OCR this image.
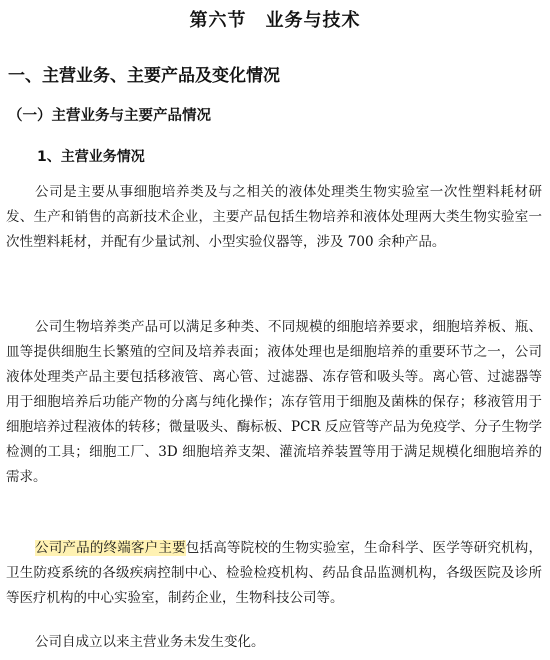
第六节　业务与技术
一、主营业务、主要产品及变化情况
（一）主营业务与主要产品情况
1、主营业务情况

公司是主要从事细胞培养类及与之相关的液体处理类生物实验室一次性塑料耗材研发、生产和销售的高新技术企业，主要产品包括生物培养和液体处理两大类生物实验室一次性塑料耗材，并配有少量试剂、小型实验仪器等，涉及 700 余种产品。

公司生物培养类产品可以满足多种类、不同规模的细胞培养要求，细胞培养板、瓶、皿等提供细胞生长繁殖的空间及培养表面；液体处理也是细胞培养的重要环节之一，公司液体处理类产品主要包括移液管、离心管、过滤器、冻存管和吸头等。离心管、过滤器等用于细胞培养后功能产物的分离与纯化操作；冻存管用于细胞及菌株的保存；移液管用于细胞培养过程液体的转移；微量吸头、酶标板、PCR 反应管等产品为免疫学、分子生物学检测的工具；细胞工厂、3D 细胞培养支架、灌流培养装置等用于满足规模化细胞培养的需求。

公司产品的终端客户主要包括高等院校的生物实验室，生命科学、医学等研究机构，卫生防疫系统的各级疾病控制中心、检验检疫机构、药品食品监测机构，各级医院及诊所等医疗机构的中心实验室，制药企业，生物科技公司等。

公司自成立以来主营业务未发生变化。
